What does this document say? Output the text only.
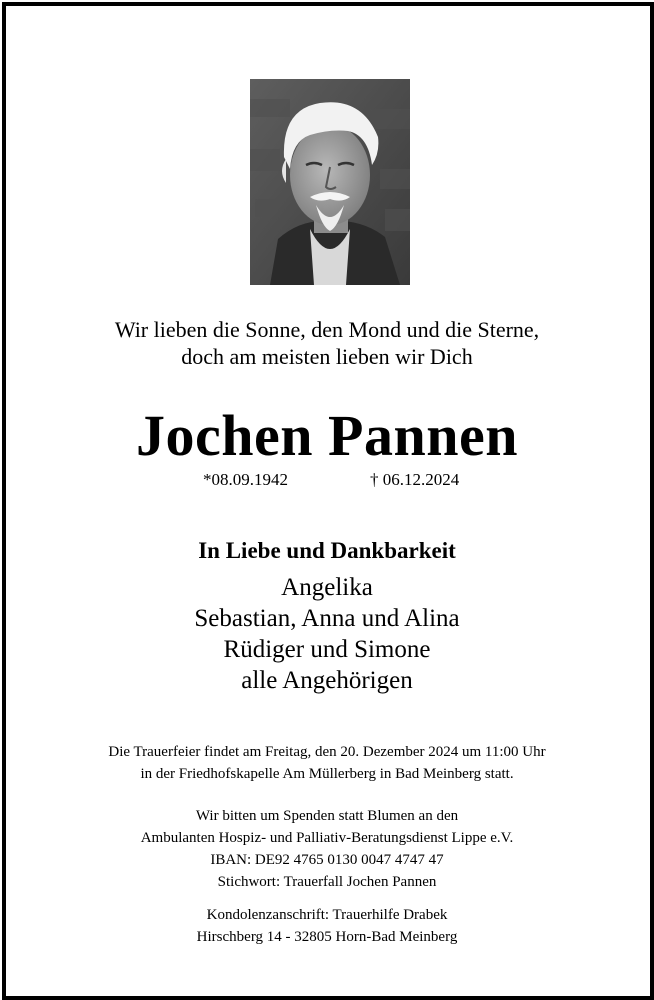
Wir lieben die Sonne, den Mond und die Sterne,
doch am meisten lieben wir Dich
Jochen Pannen
*08.09.1942	† 06.12.2024
In Liebe und Dankbarkeit
Angelika
Sebastian, Anna und Alina
Rüdiger und Simone
alle Angehörigen
Die Trauerfeier findet am Freitag, den 20. Dezember 2024 um 11:00 Uhr
in der Friedhofskapelle Am Müllerberg in Bad Meinberg statt.
Wir bitten um Spenden statt Blumen an den
Ambulanten Hospiz- und Palliativ-Beratungsdienst Lippe e.V.
IBAN: DE92 4765 0130 0047 4747 47
Stichwort: Trauerfall Jochen Pannen
Kondolenzanschrift: Trauerhilfe Drabek
Hirschberg 14 - 32805 Horn-Bad Meinberg
